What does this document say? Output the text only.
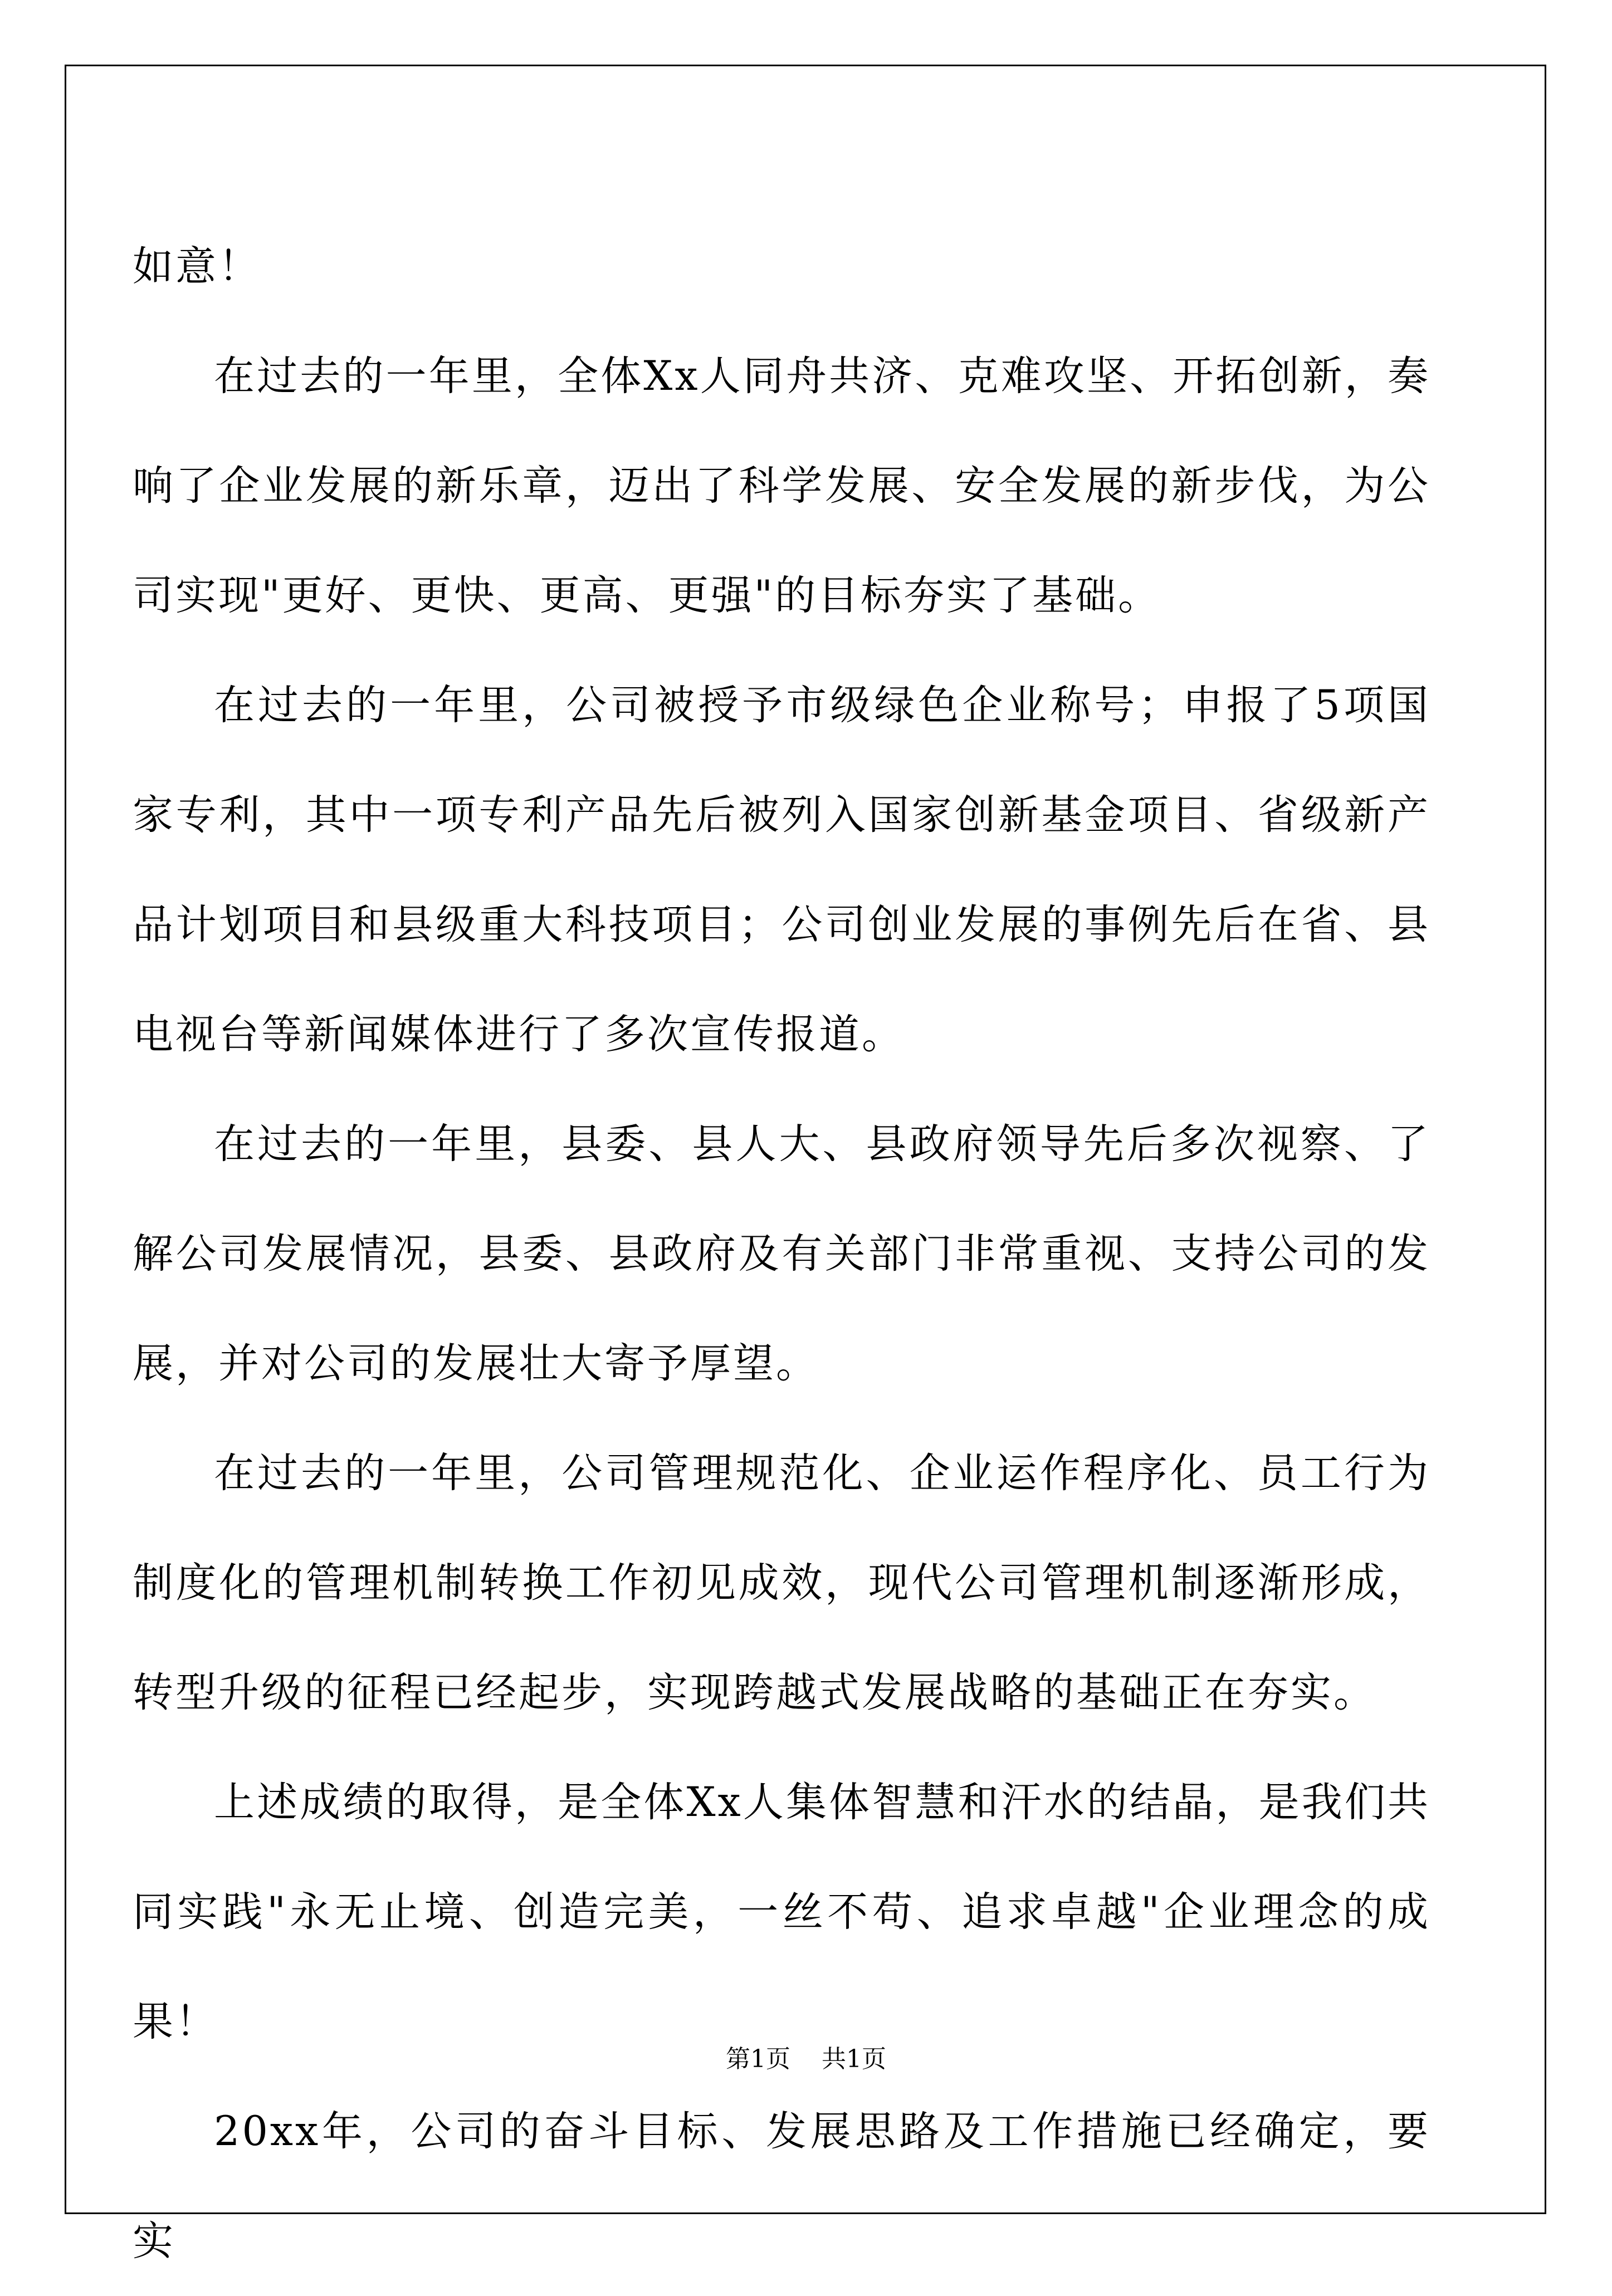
如意！

在过去的一年里，全体Xx人同舟共济、克难攻坚、开拓创新，奏响了企业发展的新乐章，迈出了科学发展、安全发展的新步伐，为公司实现"更好、更快、更高、更强"的目标夯实了基础。

在过去的一年里，公司被授予市级绿色企业称号；申报了5项国家专利，其中一项专利产品先后被列入国家创新基金项目、省级新产品计划项目和县级重大科技项目；公司创业发展的事例先后在省、县电视台等新闻媒体进行了多次宣传报道。

在过去的一年里，县委、县人大、县政府领导先后多次视察、了解公司发展情况，县委、县政府及有关部门非常重视、支持公司的发展，并对公司的发展壮大寄予厚望。

在过去的一年里，公司管理规范化、企业运作程序化、员工行为制度化的管理机制转换工作初见成效，现代公司管理机制逐渐形成，转型升级的征程已经起步，实现跨越式发展战略的基础正在夯实。

上述成绩的取得，是全体Xx人集体智慧和汗水的结晶，是我们共同实践"永无止境、创造完美，一丝不苟、追求卓越"企业理念的成果！

20xx年，公司的奋斗目标、发展思路及工作措施已经确定，要实

第1页 共1页
